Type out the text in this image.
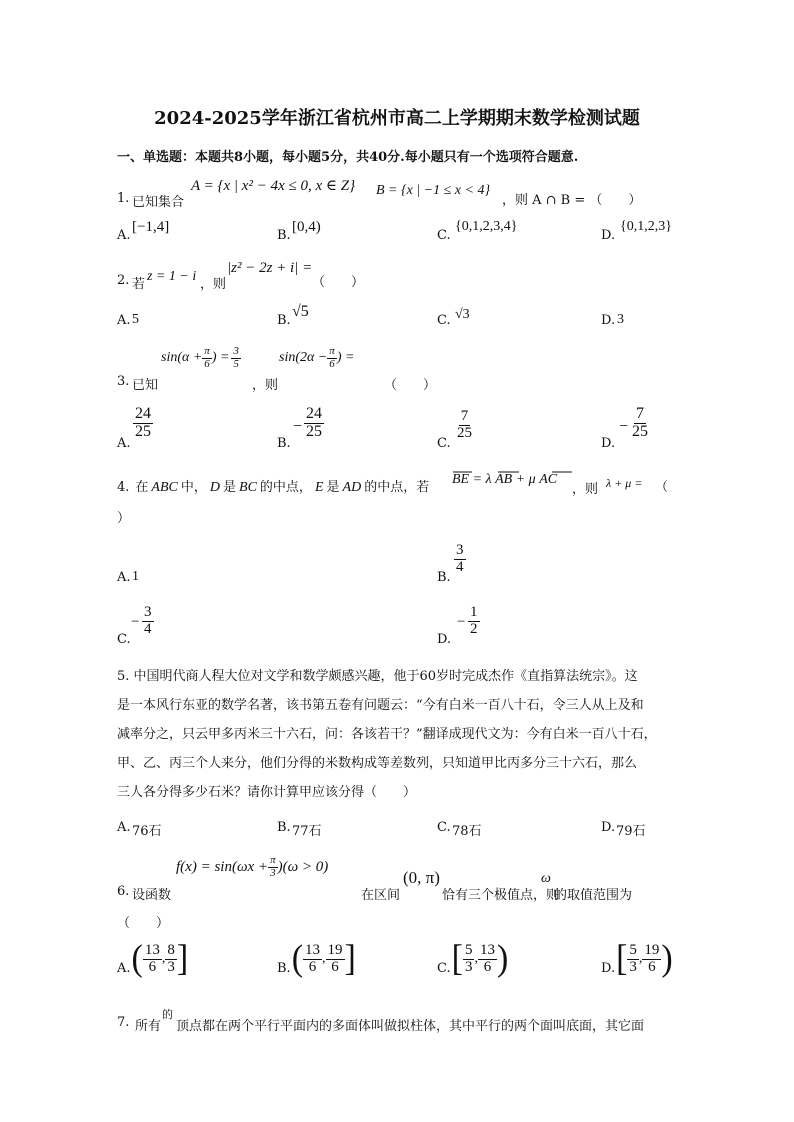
2024-2025学年浙江省杭州市高二上学期期末数学检测试题
一、单选题：本题共8小题，每小题5分，共40分.每小题只有一个选项符合题意.
1. 已知集合
A = {x | x² − 4x ≤ 0, x ∈ Z} B = {x | −1 ≤ x < 4}
，则 A ∩ B = （　　）
A.
[−1,4]
B.
[0,4)
C.
{0,1,2,3,4}
D.
{0,1,2,3}
2. 若
z = 1 − i
，则
|z² − 2z + i| =
（　　）
A. 5	B.
√5
C. √3	D. 3
3. 已知
$\sin(\alpha + \frac{\pi}{6}$ ) = $\frac{3}{5}$
，则
$\sin(2\alpha - \frac{\pi}{6}$ ) =
（　　）
A.
$\frac{24}{25}$
B.
− $\frac{24}{25}$
C.
$\frac{7}{25}$
D.
− $\frac{7}{25}$
4. 在 ABC 中， D 是 BC 的中点， E 是 AD 的中点，若
BE = λ AB + μ AC
，则 λ + μ = （
）
A. 1	B.
$\frac{3}{4}$
C.
− $\frac{3}{4}$
D.
− $\frac{1}{2}$
5. 中国明代商人程大位对文学和数学颇感兴趣，他于60岁时完成杰作《直指算法统宗》。这
是一本风行东亚的数学名著，该书第五卷有问题云：“今有白米一百八十石，令三人从上及和
减率分之，只云甲多丙米三十六石，问：各该若干？”翻译成现代文为：今有白米一百八十石，
甲、乙、丙三个人来分，他们分得的米数构成等差数列，只知道甲比丙多分三十六石，那么
三人各分得多少石米？请你计算甲应该分得（　　）
A. 76石	B. 77石	C. 78石	D. 79石
6. 设函数
$f(x) = \sin(\omega x + \frac{\pi}{3} )(\omega > 0)$
在区间
(0, π)
恰有三个极值点，则
ω
的取值范围为
（　　）
A. ( $\frac{13}{6}$ , $\frac{8}{3}$ ]	B. ( $\frac{13}{6}$ , $\frac{19}{6}$ ]	C. [ $\frac{5}{3}$ , $\frac{13}{6}$ )	D. [ $\frac{5}{3}$ , $\frac{19}{6}$ )
7. 所有
的
顶点都在两个平行平面内的多面体叫做拟柱体，其中平行的两个面叫底面，其它面
